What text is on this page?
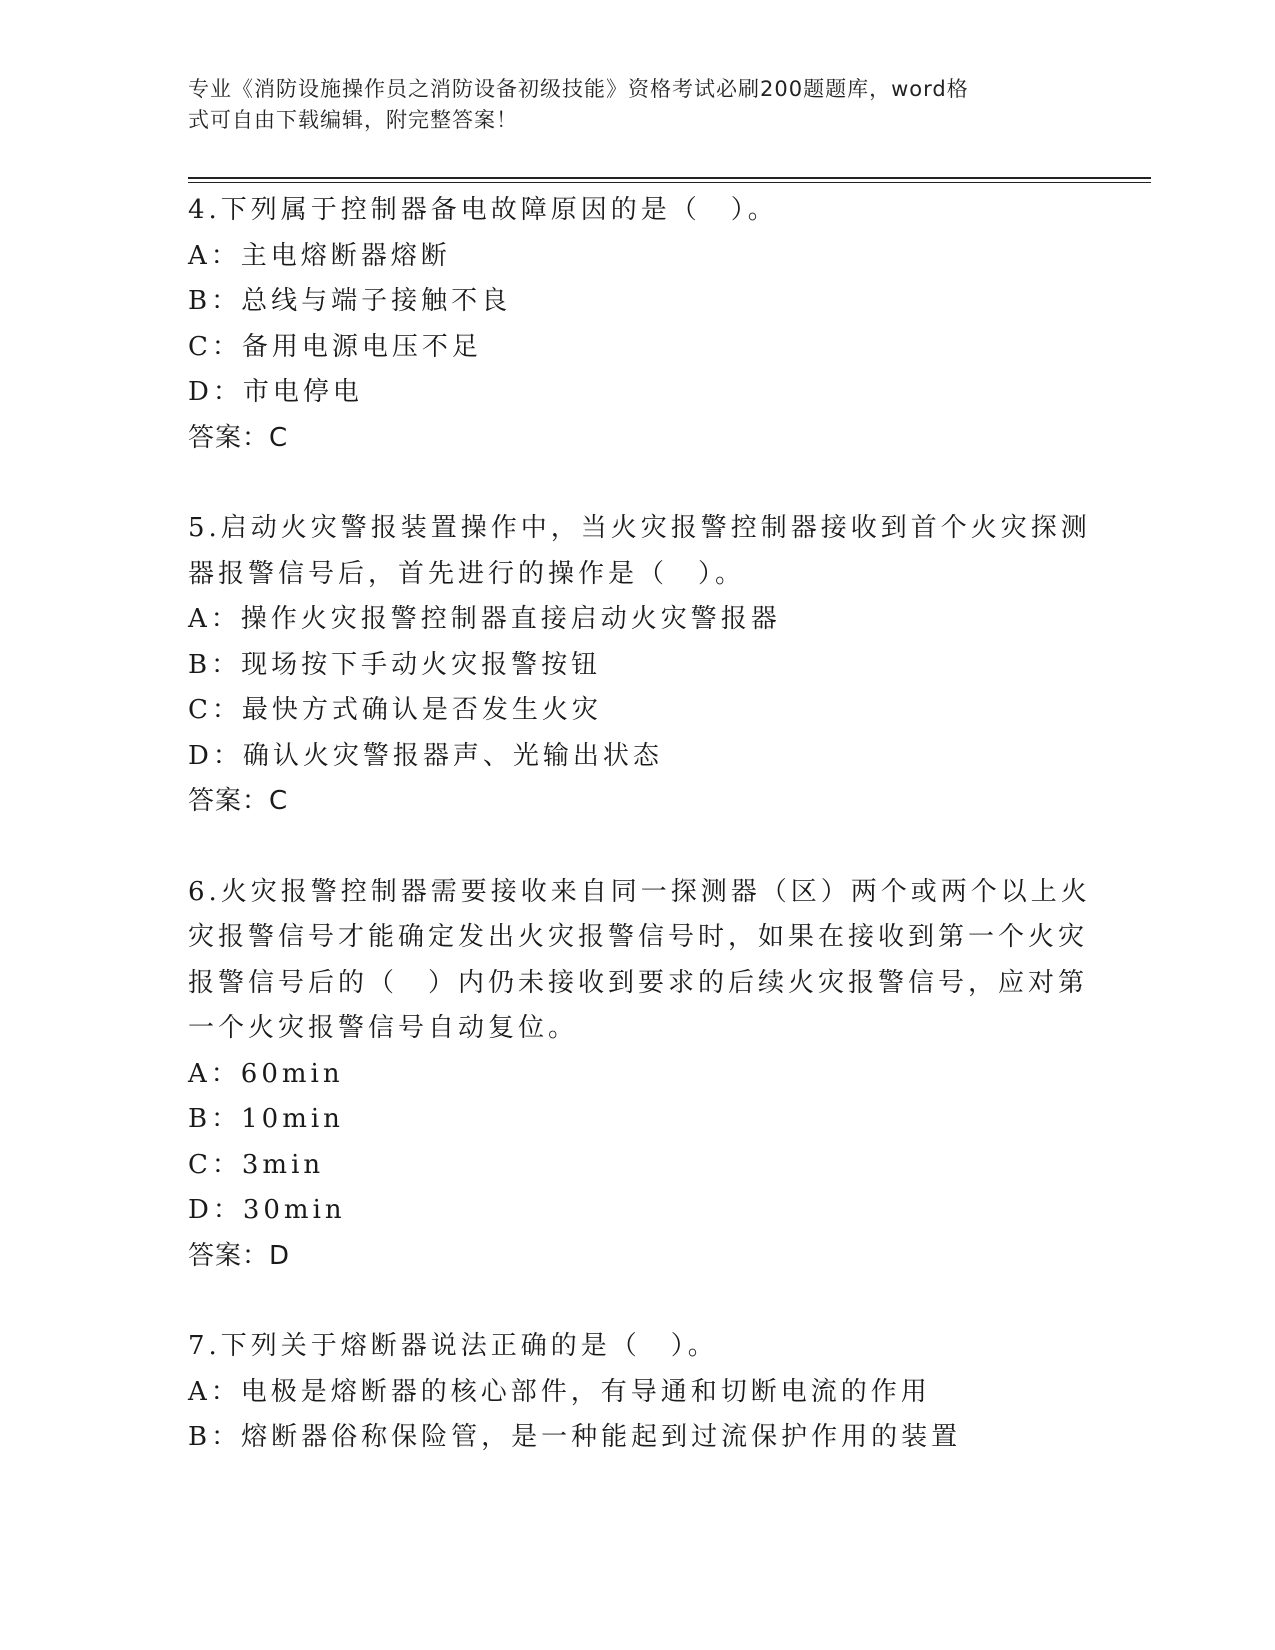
专业《消防设施操作员之消防设备初级技能》资格考试必刷200题题库，word格
式可自由下载编辑，附完整答案！
4.下列属于控制器备电故障原因的是（　）。
A：主电熔断器熔断
B：总线与端子接触不良
C：备用电源电压不足
D：市电停电
答案：C
5.启动火灾警报装置操作中，当火灾报警控制器接收到首个火灾探测
器报警信号后，首先进行的操作是（　）。
A：操作火灾报警控制器直接启动火灾警报器
B：现场按下手动火灾报警按钮
C：最快方式确认是否发生火灾
D：确认火灾警报器声、光输出状态
答案：C
6.火灾报警控制器需要接收来自同一探测器（区）两个或两个以上火
灾报警信号才能确定发出火灾报警信号时，如果在接收到第一个火灾
报警信号后的（　）内仍未接收到要求的后续火灾报警信号，应对第
一个火灾报警信号自动复位。
A：60min
B：10min
C：3min
D：30min
答案：D
7.下列关于熔断器说法正确的是（　）。
A：电极是熔断器的核心部件，有导通和切断电流的作用
B：熔断器俗称保险管，是一种能起到过流保护作用的装置
